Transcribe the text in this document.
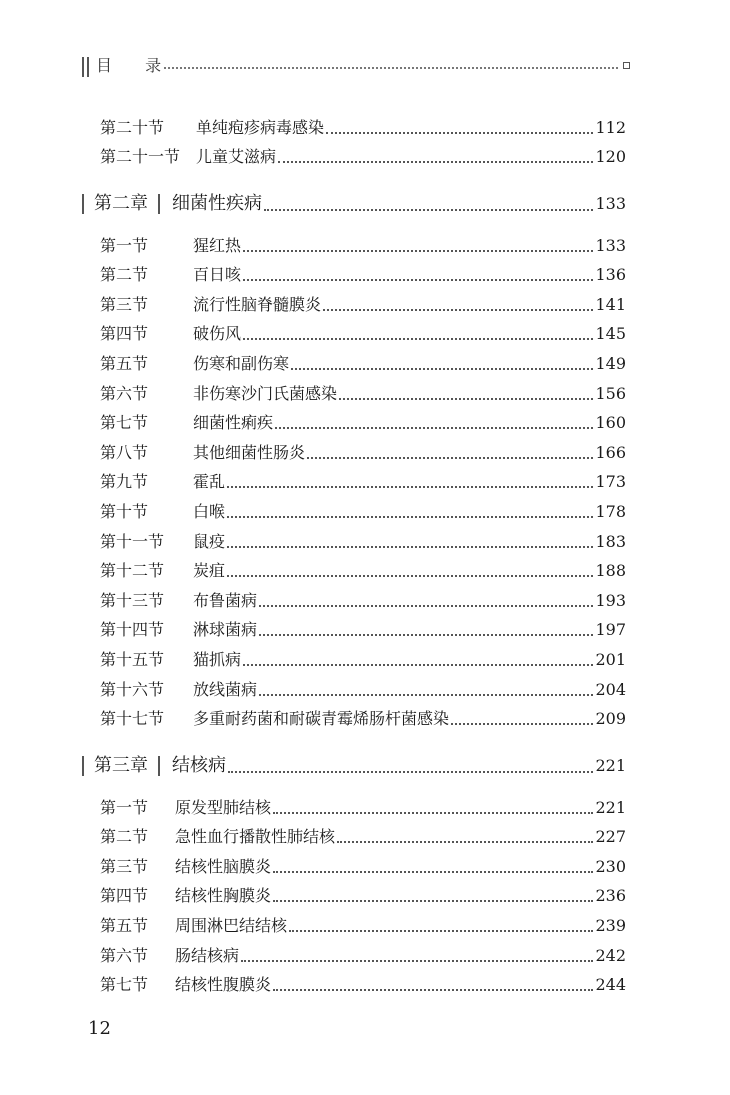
目 录
第二十节	单纯疱疹病毒感染	112
第二十一节 儿童艾滋病	120
第二章 细菌性疾病	133
第一节	猩红热	133
第二节	百日咳	136
第三节	流行性脑脊髓膜炎	141
第四节	破伤风	145
第五节	伤寒和副伤寒	149
第六节	非伤寒沙门氏菌感染	156
第七节	细菌性痢疾	160
第八节	其他细菌性肠炎	166
第九节	霍乱	173
第十节	白喉	178
第十一节	鼠疫	183
第十二节	炭疽	188
第十三节	布鲁菌病	193
第十四节	淋球菌病	197
第十五节	猫抓病	201
第十六节	放线菌病	204
第十七节	多重耐药菌和耐碳青霉烯肠杆菌感染	209
第三章 结核病	221
第一节	原发型肺结核	221
第二节	急性血行播散性肺结核	227
第三节	结核性脑膜炎	230
第四节	结核性胸膜炎	236
第五节	周围淋巴结结核	239
第六节	肠结核病	242
第七节	结核性腹膜炎	244
12
